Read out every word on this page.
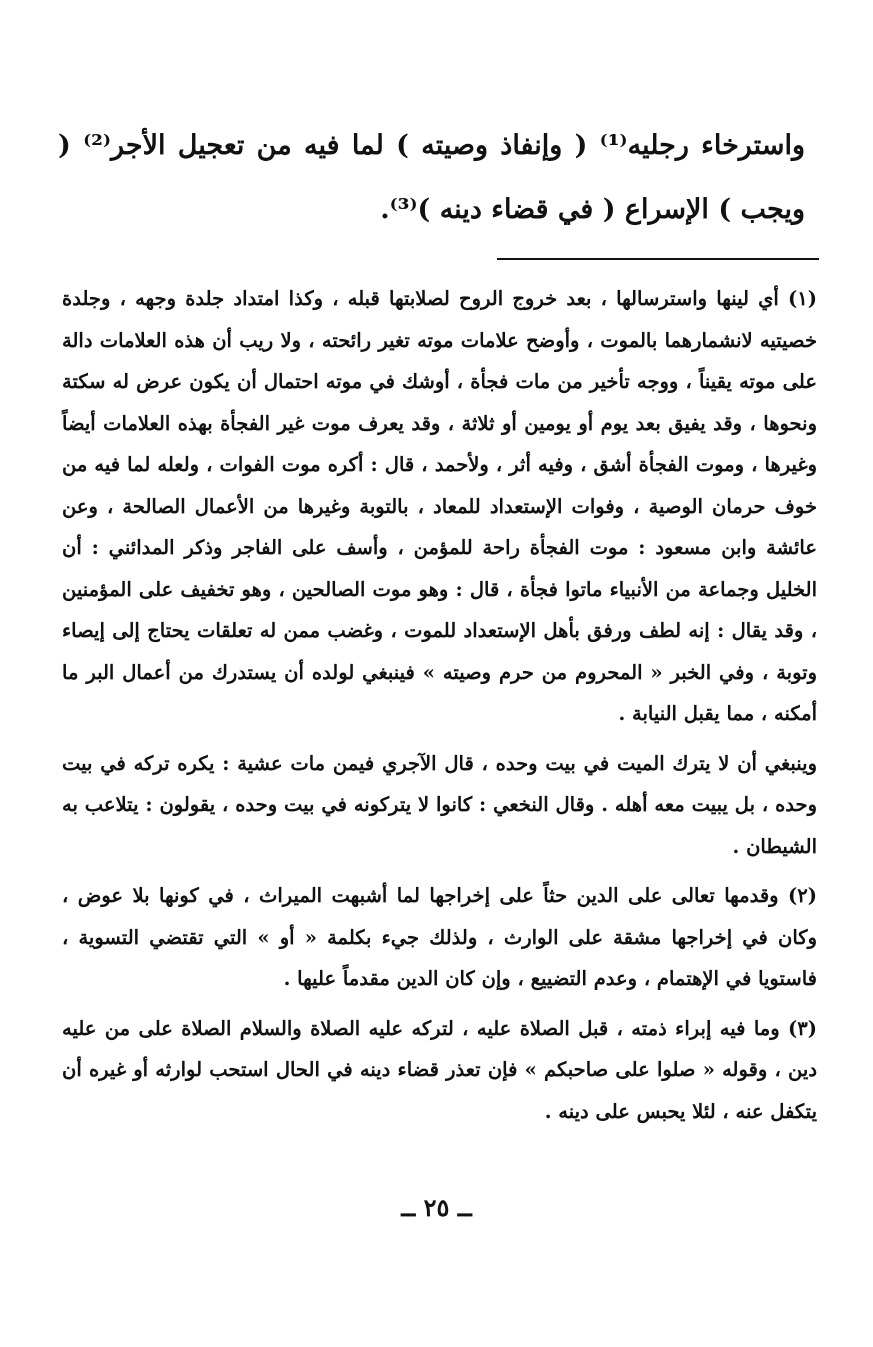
واسترخاء رجليه⁽¹⁾ ( وإنفاذ وصيته ) لما فيه من تعجيل الأجر⁽²⁾ ( ويجب ) الإسراع ( في قضاء دينه )⁽³⁾.

(١) أي لينها واسترسالها ، بعد خروج الروح لصلابتها قبله ، وكذا امتداد جلدة وجهه ، وجلدة خصيتيه لانشمارهما بالموت ، وأوضح علامات موته تغير رائحته ، ولا ريب أن هذه العلامات دالة على موته يقيناً ، ووجه تأخير من مات فجأة ، أوشك في موته احتمال أن يكون عرض له سكتة ونحوها ، وقد يفيق بعد يوم أو يومين أو ثلاثة ، وقد يعرف موت غير الفجأة بهذه العلامات أيضاً وغيرها ، وموت الفجأة أشق ، وفيه أثر ، ولأحمد ، قال : أكره موت الفوات ، ولعله لما فيه من خوف حرمان الوصية ، وفوات الإستعداد للمعاد ، بالتوبة وغيرها من الأعمال الصالحة ، وعن عائشة وابن مسعود : موت الفجأة راحة للمؤمن ، وأسف على الفاجر وذكر المدائني : أن الخليل وجماعة من الأنبياء ماتوا فجأة ، قال : وهو موت الصالحين ، وهو تخفيف على المؤمنين ، وقد يقال : إنه لطف ورفق بأهل الإستعداد للموت ، وغضب ممن له تعلقات يحتاج إلى إيصاء وتوبة ، وفي الخبر « المحروم من حرم وصيته » فينبغي لولده أن يستدرك من أعمال البر ما أمكنه ، مما يقبل النيابة .

وينبغي أن لا يترك الميت في بيت وحده ، قال الآجري فيمن مات عشية : يكره تركه في بيت وحده ، بل يبيت معه أهله . وقال النخعي : كانوا لا يتركونه في بيت وحده ، يقولون : يتلاعب به الشيطان .

(٢) وقدمها تعالى على الدين حثاً على إخراجها لما أشبهت الميراث ، في كونها بلا عوض ، وكان في إخراجها مشقة على الوارث ، ولذلك جيء بكلمة « أو » التي تقتضي التسوية ، فاستويا في الإهتمام ، وعدم التضييع ، وإن كان الدين مقدماً عليها .

(٣) وما فيه إبراء ذمته ، قبل الصلاة عليه ، لتركه عليه الصلاة والسلام الصلاة على من عليه دين ، وقوله « صلوا على صاحبكم » فإن تعذر قضاء دينه في الحال استحب لوارثه أو غيره أن يتكفل عنه ، لئلا يحبس على دينه .

ــ ٢٥ ــ
